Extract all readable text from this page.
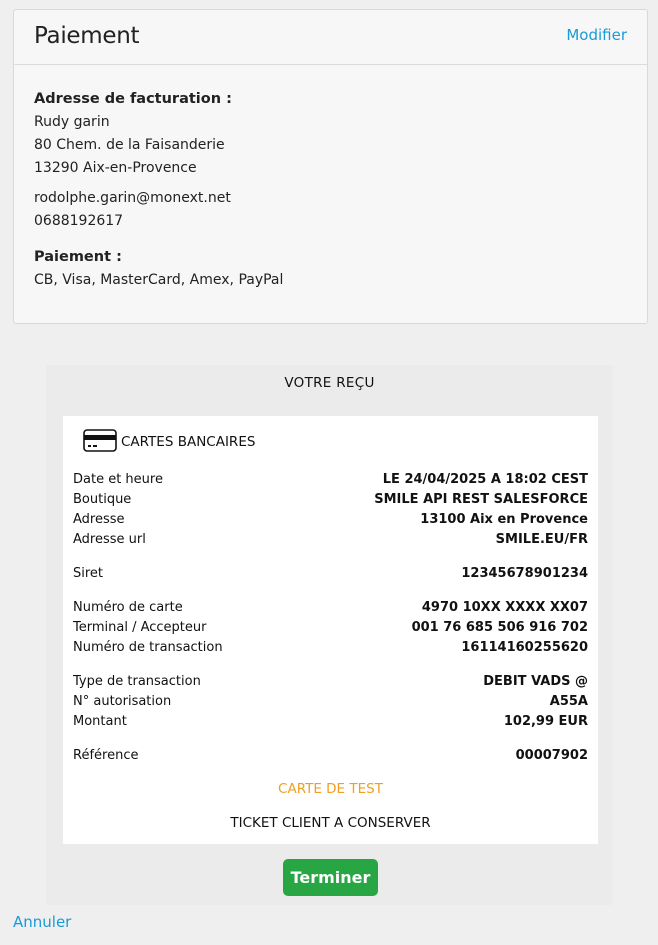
Paiement	Modifier
Adresse de facturation :
Rudy garin
80 Chem. de la Faisanderie
13290 Aix-en-Provence
rodolphe.garin@monext.net
0688192617
Paiement :
CB, Visa, MasterCard, Amex, PayPal
VOTRE REÇU
CARTES BANCAIRES
Date et heure	LE 24/04/2025 A 18:02 CEST
Boutique	SMILE API REST SALESFORCE
Adresse	13100 Aix en Provence
Adresse url	SMILE.EU/FR
Siret	12345678901234
Numéro de carte	4970 10XX XXXX XX07
Terminal / Accepteur	001 76 685 506 916 702
Numéro de transaction	16114160255620
Type de transaction	DEBIT VADS @
N° autorisation	A55A
Montant	102,99 EUR
Référence	00007902
CARTE DE TEST
TICKET CLIENT A CONSERVER
Terminer
Annuler
